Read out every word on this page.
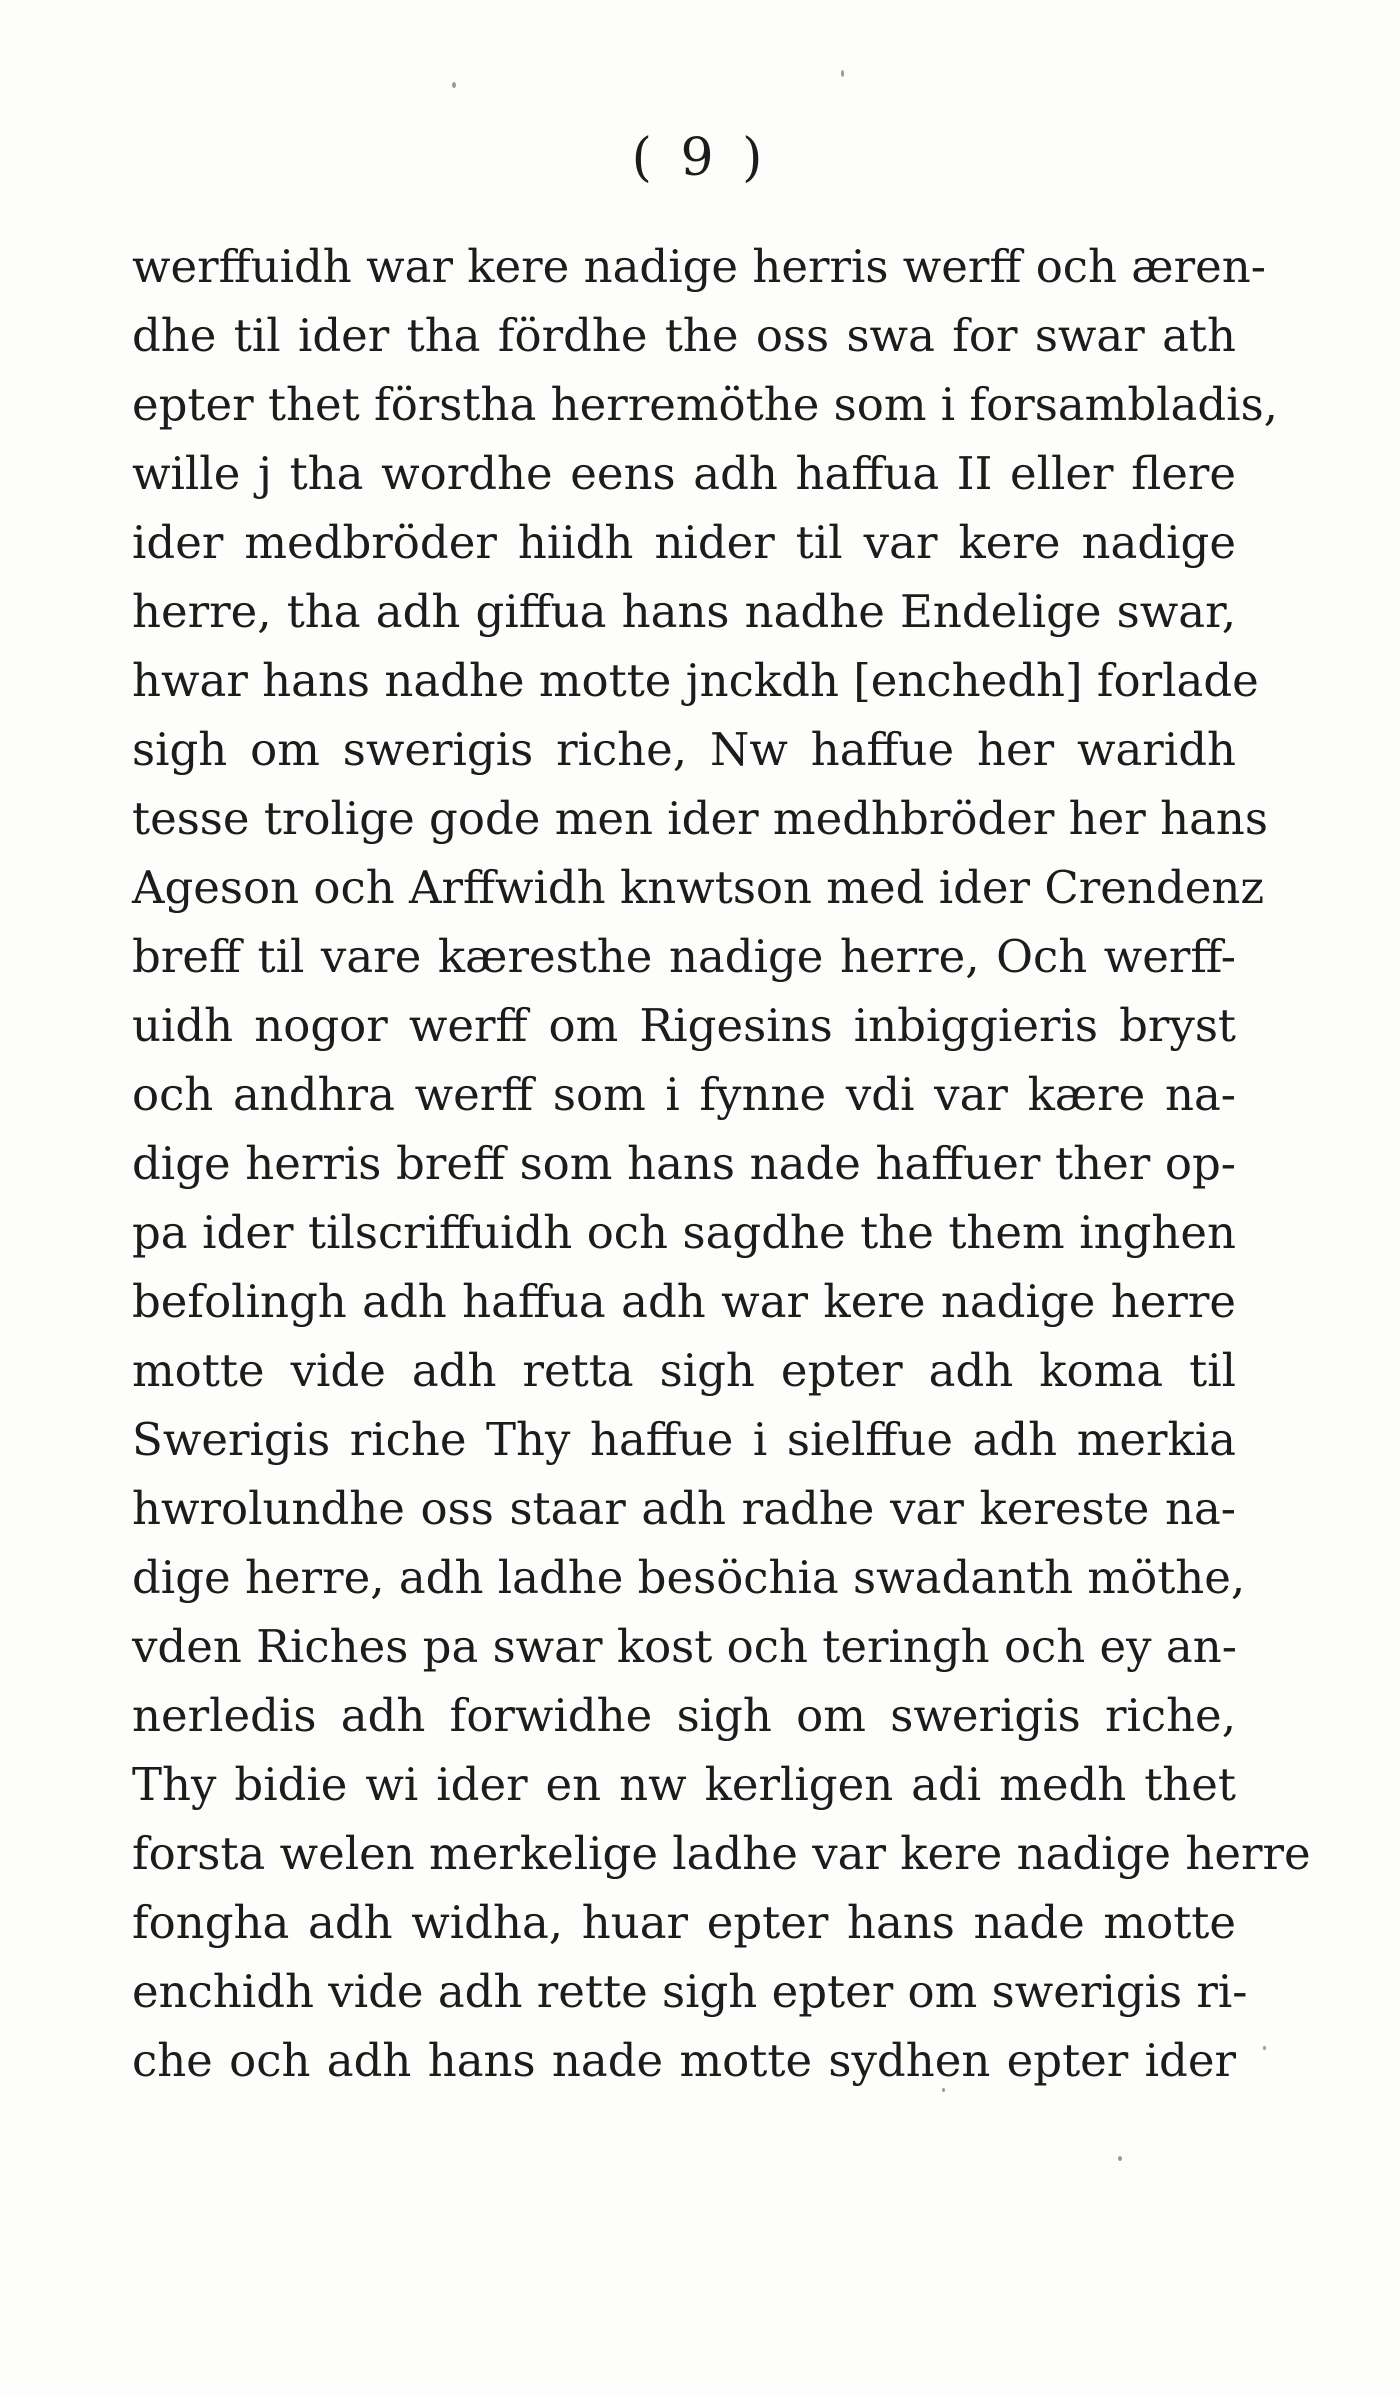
( 9 )
werffuidh war kere nadige herris werff och æren-
dhe til ider tha fördhe the oss swa for swar ath
epter thet förstha herremöthe som i forsambladis,
wille j tha wordhe eens adh haffua II eller flere
ider medbröder hiidh nider til var kere nadige
herre, tha adh giffua hans nadhe Endelige swar,
hwar hans nadhe motte jnckdh [enchedh] forlade
sigh om swerigis riche, Nw haffue her waridh
tesse trolige gode men ider medhbröder her hans
Ageson och Arffwidh knwtson med ider Crendenz
breff til vare kæresthe nadige herre, Och werff-
uidh nogor werff om Rigesins inbiggieris bryst
och andhra werff som i fynne vdi var kære na-
dige herris breff som hans nade haffuer ther op-
pa ider tilscriffuidh och sagdhe the them inghen
befolingh adh haffua adh war kere nadige herre
motte vide adh retta sigh epter adh koma til
Swerigis riche Thy haffue i sielffue adh merkia
hwrolundhe oss staar adh radhe var kereste na-
dige herre, adh ladhe besöchia swadanth möthe,
vden Riches pa swar kost och teringh och ey an-
nerledis adh forwidhe sigh om swerigis riche,
Thy bidie wi ider en nw kerligen adi medh thet
forsta welen merkelige ladhe var kere nadige herre
fongha adh widha, huar epter hans nade motte
enchidh vide adh rette sigh epter om swerigis ri-
che och adh hans nade motte sydhen epter ider
